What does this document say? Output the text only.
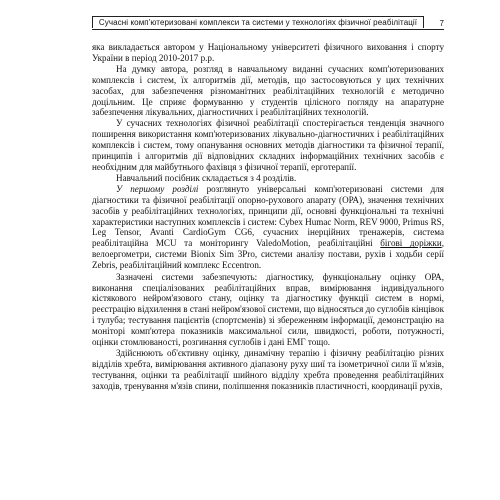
Сучасні комп'ютеризовані комплекси та системи у технологіях фізичної реабілітації	7

яка викладається автором у Національному університеті фізичного виховання і спорту України в період 2010-2017 р.р.

На думку автора, розгляд в навчальному виданні сучасних комп'ютеризованих комплексів і систем, їх алгоритмів дії, методів, що застосовуються у цих технічних засобах, для забезпечення різноманітних реабілітаційних технологій є методично доцільним. Це сприяє формуванню у студентів цілісного погляду на апаратурне забезпечення лікувальних, діагностичних і реабілітаційних технологій.

У сучасних технологіях фізичної реабілітації спостерігається тенденція значного поширення використання комп'ютеризованих лікувально-діагностичних і реабілітаційних комплексів і систем, тому опанування основних методів діагностики та фізичної терапії, принципів і алгоритмів дії відповідних складних інформаційних технічних засобів є необхідним для майбутнього фахівця з фізичної терапії, ерготерапії.

Навчальний посібник складається з 4 розділів.

У першому розділі розглянуто універсальні комп'ютеризовані системи для діагностики та фізичної реабілітації опорно-рухового апарату (ОРА), значення технічних засобів у реабілітаційних технологіях, принципи дії, основні функціональні та технічні характеристики наступних комплексів і систем: Cybex Humac Norm, REV 9000, Primus RS, Leg Tensor, Avanti CardioGym CG6, сучасних інерційних тренажерів, система реабілітаційна MCU та моніторингу ValedoMotion, реабілітаційні бігові доріжки, велоергометри, системи Bionix Sim 3Pro, системи аналізу постави, рухів і ходьби серії Zebris, реабілітаційний комплекс Eccentron.

Зазначені системи забезпечують: діагностику, функціональну оцінку ОРА, виконання спеціалізованих реабілітаційних вправ, вимірювання індивідуального кістякового нейром'язового стану, оцінку та діагностику функції систем в нормі, реєстрацію відхилення в стані нейром'язової системи, що відносяться до суглобів кінцівок і тулуба; тестування пацієнтів (спортсменів) зі збереженням інформації, демонстрацію на моніторі комп'ютера показників максимальної сили, швидкості, роботи, потужності, оцінки стомлюваності, розгинання суглобів і дані ЕМГ тощо.

Здійснюють об'єктивну оцінку, динамічну терапію і фізичну реабілітацію різних відділів хребта, вимірювання активного діапазону руху шиї та ізометричної сили її м'язів, тестування, оцінки та реабілітації шийного відділу хребта проведення реабілітаційних заходів, тренування м'язів спини, поліпшення показників пластичності, координації рухів,
